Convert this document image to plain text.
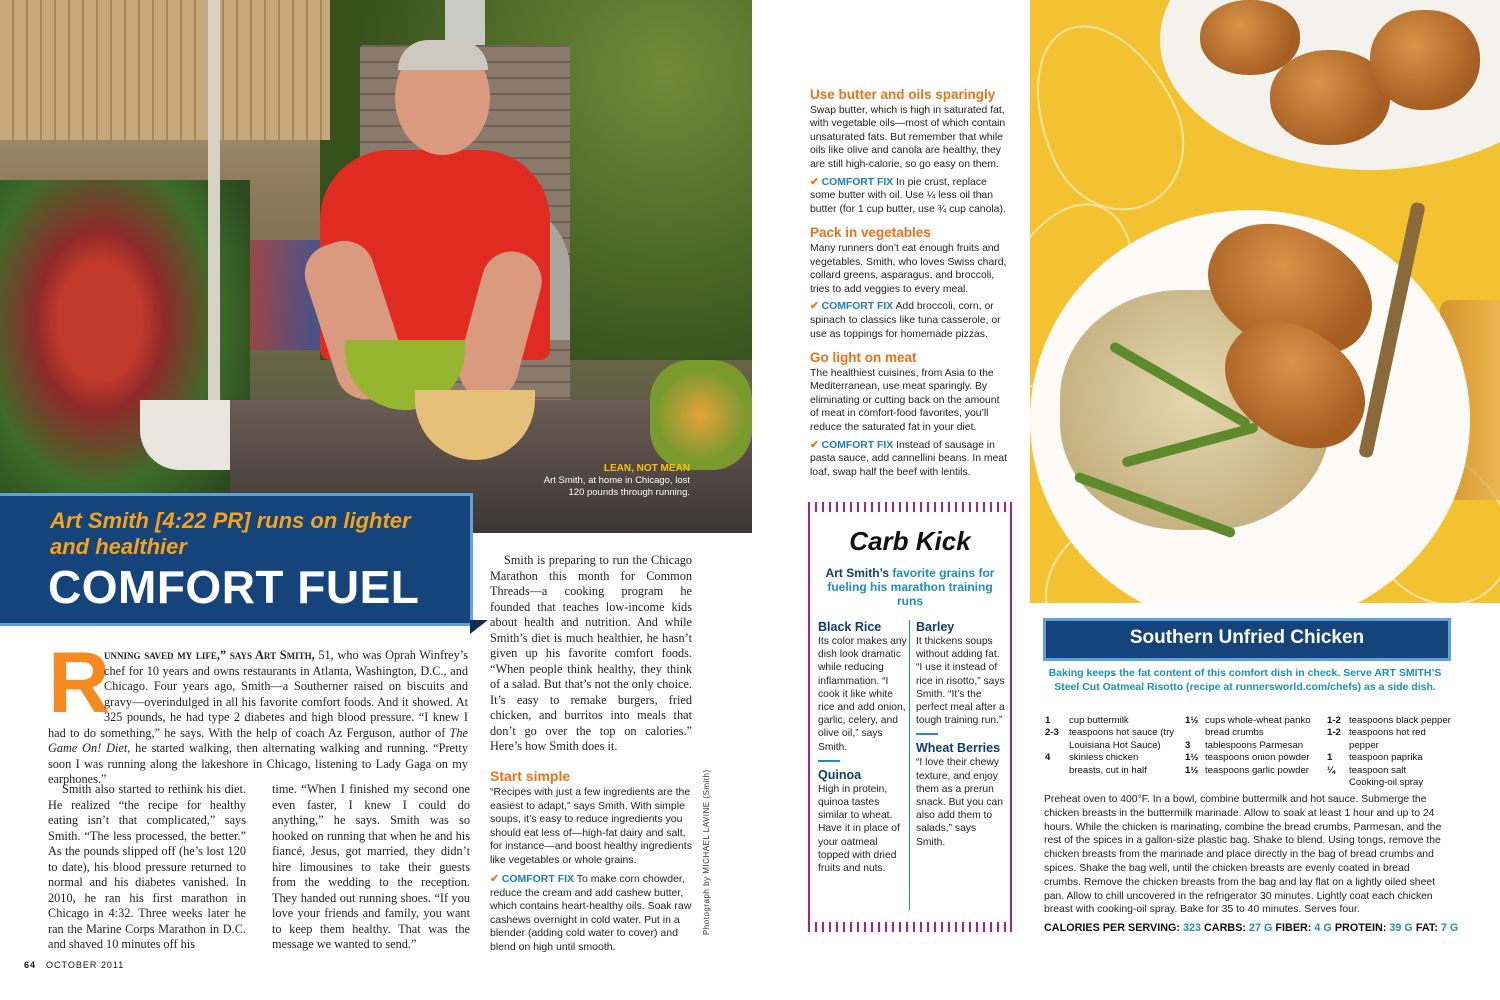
LEAN, NOT MEAN
Art Smith, at home in Chicago, lost 120 pounds through running.
Art Smith [4:22 PR] runs on lighter and healthier
COMFORT FUEL
R
unning saved my life,” says Art Smith, 51, who was Oprah Winfrey’s chef for 10 years and owns restaurants in Atlanta, Washington, D.C., and Chicago. Four years ago, Smith—a Southerner raised on biscuits and gravy—overindulged in all his favorite comfort foods. And it showed. At 325 pounds, he had type 2 diabetes and high blood pressure. “I knew I had to do something,” he says. With the help of coach Az Ferguson, author of The Game On! Diet, he started walking, then alternating walking and running. “Pretty soon I was running along the lakeshore in Chicago, listening to Lady Gaga on my earphones.”
Smith also started to rethink his diet. He realized “the recipe for healthy eating isn’t that complicated,” says Smith. “The less processed, the better.” As the pounds slipped off (he’s lost 120 to date), his blood pressure returned to normal and his diabetes vanished. In 2010, he ran his first marathon in Chicago in 4:32. Three weeks later he ran the Marine Corps Marathon in D.C. and shaved 10 minutes off his
time. “When I finished my second one even faster, I knew I could do anything,” he says. Smith was so hooked on running that when he and his fiancé, Jesus, got married, they didn’t hire limousines to take their guests from the wedding to the reception. They handed out running shoes. “If you love your friends and family, you want to keep them healthy. That was the message we wanted to send.”
Smith is preparing to run the Chicago Marathon this month for Common Threads—a cooking program he founded that teaches low-income kids about health and nutrition. And while Smith’s diet is much healthier, he hasn’t given up his favorite comfort foods. “When people think healthy, they think of a salad. But that’s not the only choice. It’s easy to remake burgers, fried chicken, and burritos into meals that don’t go over the top on calories.” Here’s how Smith does it.
Start simple
“Recipes with just a few ingredients are the easiest to adapt,” says Smith. With simple soups, it’s easy to reduce ingredients you should eat less of—high-fat dairy and salt, for instance—and boost healthy ingredients like vegetables or whole grains.
✔ COMFORT FIX To make corn chowder, reduce the cream and add cashew butter, which contains heart-healthy oils. Soak raw cashews overnight in cold water. Put in a blender (adding cold water to cover) and blend on high until smooth.
Photograph by MICHAEL LAVINE (Smith)
64 OCTOBER 2011
Use butter and oils sparingly

Swap butter, which is high in saturated fat, with vegetable oils—most of which contain unsaturated fats. But remember that while oils like olive and canola are healthy, they are still high-calorie, so go easy on them.

✔ COMFORT FIX In pie crust, replace some butter with oil. Use ¼ less oil than butter (for 1 cup butter, use ¾ cup canola).

Pack in vegetables

Many runners don’t eat enough fruits and vegetables. Smith, who loves Swiss chard, collard greens, asparagus, and broccoli, tries to add veggies to every meal.

✔ COMFORT FIX Add broccoli, corn, or spinach to classics like tuna casserole, or use as toppings for homemade pizzas.

Go light on meat

The healthiest cuisines, from Asia to the Mediterranean, use meat sparingly. By eliminating or cutting back on the amount of meat in comfort-food favorites, you’ll reduce the saturated fat in your diet.

✔ COMFORT FIX Instead of sausage in pasta sauce, add cannellini beans. In meat loaf, swap half the beef with lentils.

Carb Kick
Art Smith’s favorite grains for fueling his marathon training runs
Black Rice
Its color makes any dish look dramatic while reducing inflammation. “I cook it like white rice and add onion, garlic, celery, and olive oil,” says Smith.
Quinoa
High in protein, quinoa tastes similar to wheat. Have it in place of your oatmeal topped with dried fruits and nuts.
Barley
It thickens soups without adding fat. “I use it instead of rice in risotto,” says Smith. “It’s the perfect meal after a tough training run.”
Wheat Berries
“I love their chewy texture, and enjoy them as a prerun snack. But you can also add them to salads,” says Smith.
Southern Unfried Chicken
Baking keeps the fat content of this comfort dish in check. Serve ART SMITH’S Steel Cut Oatmeal Risotto (recipe at runnersworld.com/chefs) as a side dish.
1	cup buttermilk
2-3	teaspoons hot sauce (try Louisiana Hot Sauce)
4	skinless chicken breasts, cut in half
1½	cups whole-wheat panko bread crumbs
3	tablespoons Parmesan
1½	teaspoons onion powder
1½	teaspoons garlic powder
1-2	teaspoons black pepper
1-2	teaspoons hot red pepper
1	teaspoon paprika
¼	teaspoon salt
	Cooking-oil spray
Preheat oven to 400°F. In a bowl, combine buttermilk and hot sauce. Submerge the chicken breasts in the buttermilk marinade. Allow to soak at least 1 hour and up to 24 hours. While the chicken is marinating, combine the bread crumbs, Parmesan, and the rest of the spices in a gallon-size plastic bag. Shake to blend. Using tongs, remove the chicken breasts from the marinade and place directly in the bag of bread crumbs and spices. Shake the bag well, until the chicken breasts are evenly coated in bread crumbs. Remove the chicken breasts from the bag and lay flat on a lightly oiled sheet pan. Allow to chill uncovered in the refrigerator 30 minutes. Lightly coat each chicken breast with cooking-oil spray. Bake for 35 to 40 minutes. Serves four.
CALORIES PER SERVING: 323 CARBS: 27 G FIBER: 4 G PROTEIN: 39 G FAT: 7 G
